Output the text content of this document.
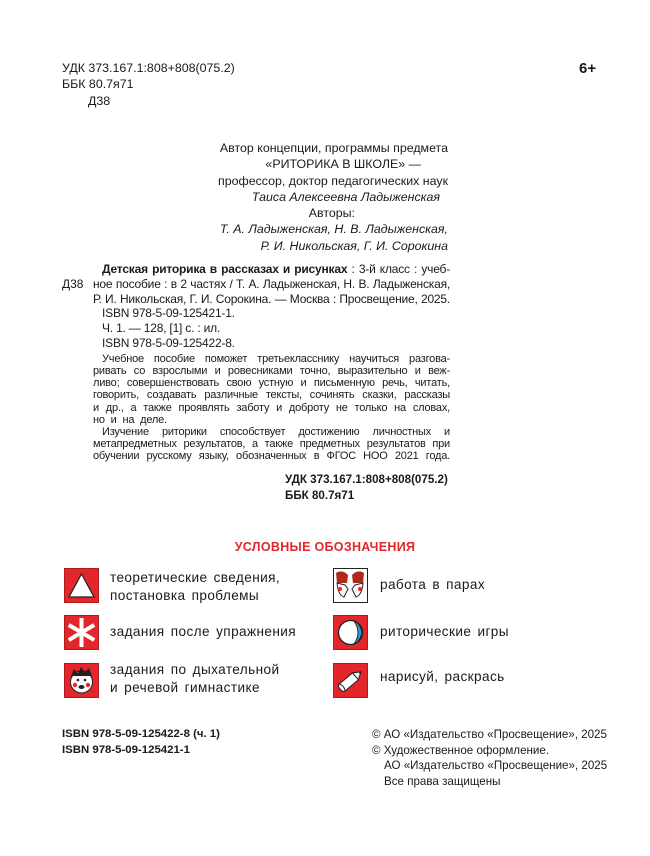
УДК 373.167.1:808+808(075.2)
ББК 80.7я71
Д38
6+
Автор концепции, программы предмета
«РИТОРИКА В ШКОЛЕ» —
профессор, доктор педагогических наук
Таиса Алексеевна Ладыженская
Авторы:
Т. А. Ладыженская, Н. В. Ладыженская,
Р. И. Никольская, Г. И. Сорокина
Д38
Детская риторика в рассказах и рисунках : 3-й класс : учеб-
ное пособие : в 2 частях / Т. А. Ладыженская, Н. В. Ладыженская,
Р. И. Никольская, Г. И. Сорокина. — Москва : Просвещение, 2025.
ISBN 978-5-09-125421-1.
Ч. 1. — 128, [1] с. : ил.
ISBN 978-5-09-125422-8.
Учебное пособие поможет третьекласснику научиться разгова-
ривать со взрослыми и ровесниками точно, выразительно и веж-
ливо; совершенствовать свою устную и письменную речь, читать,
говорить, создавать различные тексты, сочинять сказки, рассказы
и др., а также проявлять заботу и доброту не только на словах,
но и на деле.
Изучение риторики способствует достижению личностных и
метапредметных результатов, а также предметных результатов при
обучении русскому языку, обозначенных в ФГОС НОО 2021 года.
УДК 373.167.1:808+808(075.2)
ББК 80.7я71
УСЛОВНЫЕ ОБОЗНАЧЕНИЯ
теоретические сведения,
постановка проблемы
задания после упражнения
задания по дыхательной
и речевой гимнастике
работа в парах
риторические игры
нарисуй, раскрась
ISBN 978-5-09-125422-8 (ч. 1)
ISBN 978-5-09-125421-1
© АО «Издательство «Просвещение», 2025
© Художественное оформление.
АО «Издательство «Просвещение», 2025
Все права защищены
